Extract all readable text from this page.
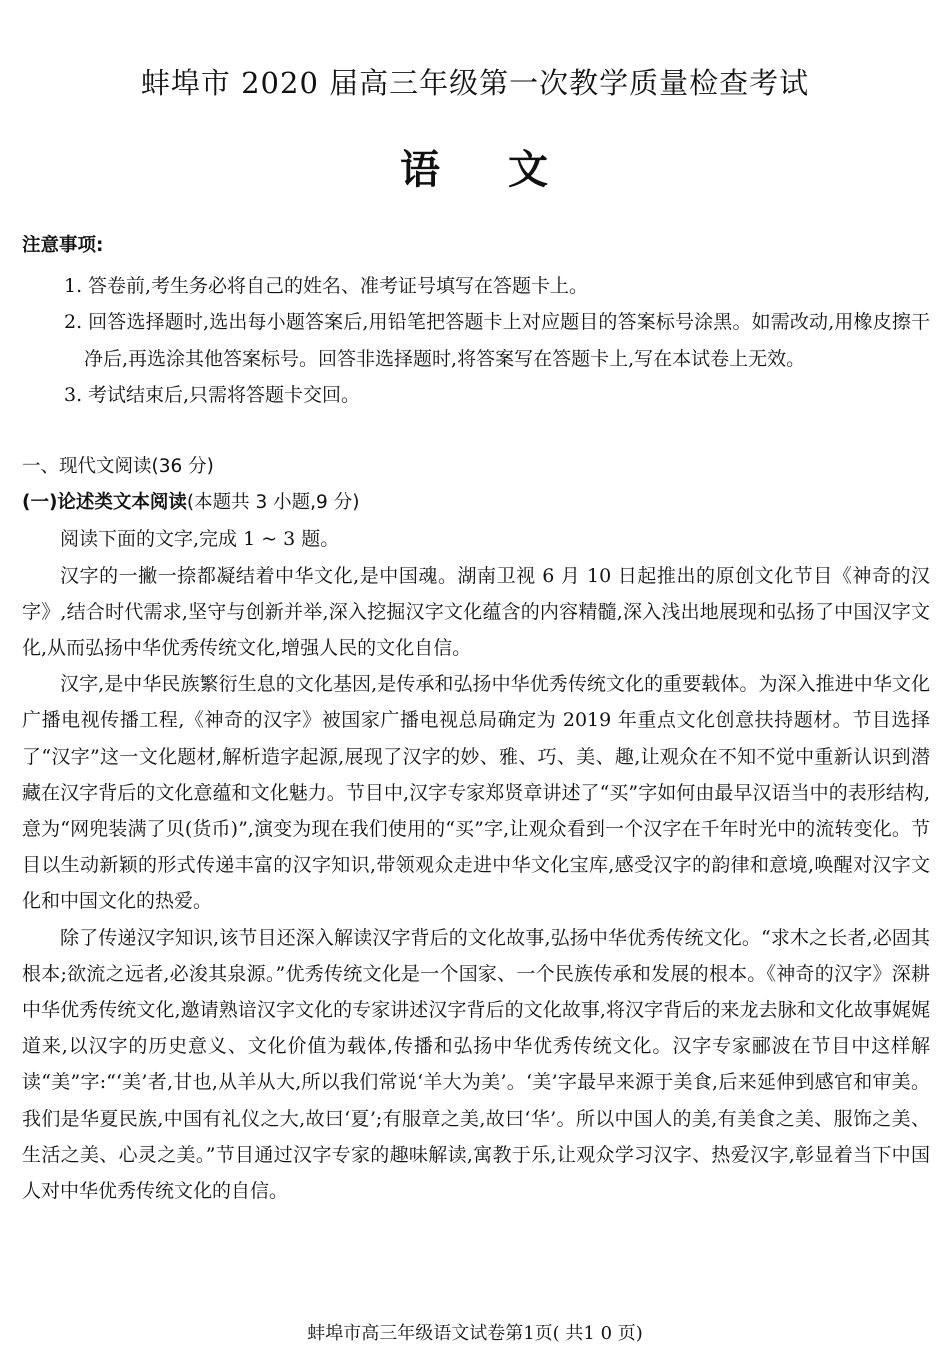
蚌埠市 2020 届高三年级第一次教学质量检查考试
语 文

注意事项:

1. 答卷前,考生务必将自己的姓名、准考证号填写在答题卡上。

2. 回答选择题时,选出每小题答案后,用铅笔把答题卡上对应题目的答案标号涂黑。如需改动,用橡皮擦干净后,再选涂其他答案标号。回答非选择题时,将答案写在答题卡上,写在本试卷上无效。

3. 考试结束后,只需将答题卡交回。

一、现代文阅读(36 分)

(一)论述类文本阅读(本题共 3 小题,9 分)

阅读下面的文字,完成 1 ~ 3 题。

汉字的一撇一捺都凝结着中华文化,是中国魂。湖南卫视 6 月 10 日起推出的原创文化节目《神奇的汉字》,结合时代需求,坚守与创新并举,深入挖掘汉字文化蕴含的内容精髓,深入浅出地展现和弘扬了中国汉字文化,从而弘扬中华优秀传统文化,增强人民的文化自信。

汉字,是中华民族繁衍生息的文化基因,是传承和弘扬中华优秀传统文化的重要载体。为深入推进中华文化广播电视传播工程,《神奇的汉字》被国家广播电视总局确定为 2019 年重点文化创意扶持题材。节目选择了“汉字”这一文化题材,解析造字起源,展现了汉字的妙、雅、巧、美、趣,让观众在不知不觉中重新认识到潜藏在汉字背后的文化意蕴和文化魅力。节目中,汉字专家郑贤章讲述了“买”字如何由最早汉语当中的表形结构,意为“网兜装满了贝(货币)”,演变为现在我们使用的“买”字,让观众看到一个汉字在千年时光中的流转变化。节目以生动新颖的形式传递丰富的汉字知识,带领观众走进中华文化宝库,感受汉字的韵律和意境,唤醒对汉字文化和中国文化的热爱。

除了传递汉字知识,该节目还深入解读汉字背后的文化故事,弘扬中华优秀传统文化。“求木之长者,必固其根本;欲流之远者,必浚其泉源。”优秀传统文化是一个国家、一个民族传承和发展的根本。《神奇的汉字》深耕中华优秀传统文化,邀请熟谙汉字文化的专家讲述汉字背后的文化故事,将汉字背后的来龙去脉和文化故事娓娓道来,以汉字的历史意义、文化价值为载体,传播和弘扬中华优秀传统文化。汉字专家郦波在节目中这样解读“美”字:“‘美’者,甘也,从羊从大,所以我们常说‘羊大为美’。‘美’字最早来源于美食,后来延伸到感官和审美。我们是华夏民族,中国有礼仪之大,故曰‘夏’;有服章之美,故曰‘华’。所以中国人的美,有美食之美、服饰之美、生活之美、心灵之美。”节目通过汉字专家的趣味解读,寓教于乐,让观众学习汉字、热爱汉字,彰显着当下中国人对中华优秀传统文化的自信。

蚌埠市高三年级语文试卷第1页( 共1 0 页)
